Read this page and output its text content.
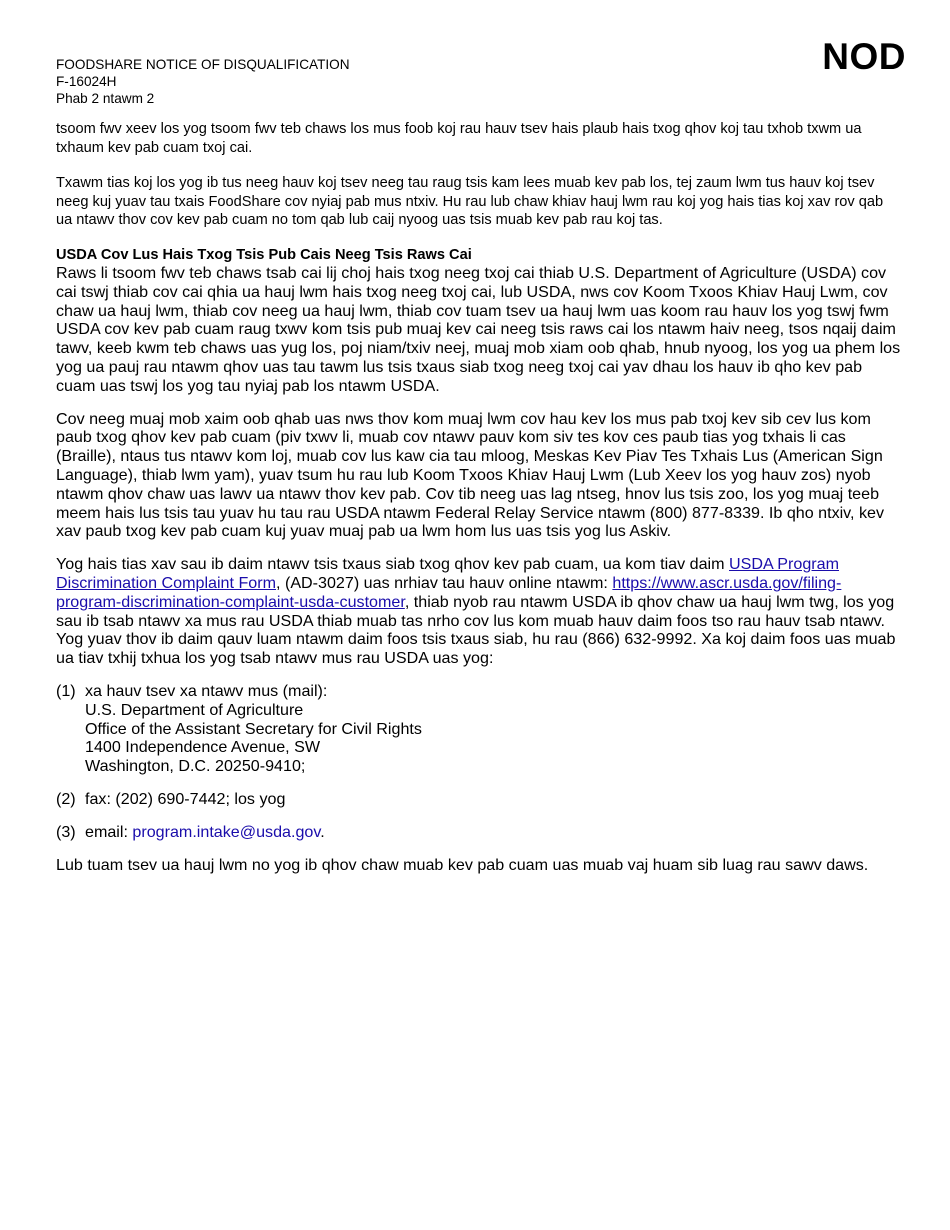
FOODSHARE NOTICE OF DISQUALIFICATION
F-16024H
Phab 2 ntawm 2
NOD

tsoom fwv xeev los yog tsoom fwv teb chaws los mus foob koj rau hauv tsev hais plaub hais txog qhov koj tau txhob txwm ua txhaum kev pab cuam txoj cai.

Txawm tias koj los yog ib tus neeg hauv koj tsev neeg tau raug tsis kam lees muab kev pab los, tej zaum lwm tus hauv koj tsev neeg kuj yuav tau txais FoodShare cov nyiaj pab mus ntxiv. Hu rau lub chaw khiav hauj lwm rau koj yog hais tias koj xav rov qab ua ntawv thov cov kev pab cuam no tom qab lub caij nyoog uas tsis muab kev pab rau koj tas.

USDA Cov Lus Hais Txog Tsis Pub Cais Neeg Tsis Raws Cai

Raws li tsoom fwv teb chaws tsab cai lij choj hais txog neeg txoj cai thiab U.S. Department of Agriculture (USDA) cov cai tswj thiab cov cai qhia ua hauj lwm hais txog neeg txoj cai, lub USDA, nws cov Koom Txoos Khiav Hauj Lwm, cov chaw ua hauj lwm, thiab cov neeg ua hauj lwm, thiab cov tuam tsev ua hauj lwm uas koom rau hauv los yog tswj fwm USDA cov kev pab cuam raug txwv kom tsis pub muaj kev cai neeg tsis raws cai los ntawm haiv neeg, tsos nqaij daim tawv, keeb kwm teb chaws uas yug los, poj niam/txiv neej, muaj mob xiam oob qhab, hnub nyoog, los yog ua phem los yog ua pauj rau ntawm qhov uas tau tawm lus tsis txaus siab txog neeg txoj cai yav dhau los hauv ib qho kev pab cuam uas tswj los yog tau nyiaj pab los ntawm USDA.

Cov neeg muaj mob xaim oob qhab uas nws thov kom muaj lwm cov hau kev los mus pab txoj kev sib cev lus kom paub txog qhov kev pab cuam (piv txwv li, muab cov ntawv pauv kom siv tes kov ces paub tias yog txhais li cas (Braille), ntaus tus ntawv kom loj, muab cov lus kaw cia tau mloog, Meskas Kev Piav Tes Txhais Lus (American Sign Language), thiab lwm yam), yuav tsum hu rau lub Koom Txoos Khiav Hauj Lwm (Lub Xeev los yog hauv zos) nyob ntawm qhov chaw uas lawv ua ntawv thov kev pab. Cov tib neeg uas lag ntseg, hnov lus tsis zoo, los yog muaj teeb meem hais lus tsis tau yuav hu tau rau USDA ntawm Federal Relay Service ntawm (800) 877-8339. Ib qho ntxiv, kev xav paub txog kev pab cuam kuj yuav muaj pab ua lwm hom lus uas tsis yog lus Askiv.

Yog hais tias xav sau ib daim ntawv tsis txaus siab txog qhov kev pab cuam, ua kom tiav daim USDA Program Discrimination Complaint Form, (AD-3027) uas nrhiav tau hauv online ntawm: https://www.ascr.usda.gov/filing-program-discrimination-complaint-usda-customer, thiab nyob rau ntawm USDA ib qhov chaw ua hauj lwm twg, los yog sau ib tsab ntawv xa mus rau USDA thiab muab tas nrho cov lus kom muab hauv daim foos tso rau hauv tsab ntawv. Yog yuav thov ib daim qauv luam ntawm daim foos tsis txaus siab, hu rau (866) 632-9992. Xa koj daim foos uas muab ua tiav txhij txhua los yog tsab ntawv mus rau USDA uas yog:

(1) xa hauv tsev xa ntawv mus (mail):
U.S. Department of Agriculture
Office of the Assistant Secretary for Civil Rights
1400 Independence Avenue, SW
Washington, D.C. 20250-9410;
(2) fax: (202) 690-7442; los yog
(3) email: program.intake@usda.gov.

Lub tuam tsev ua hauj lwm no yog ib qhov chaw muab kev pab cuam uas muab vaj huam sib luag rau sawv daws.
